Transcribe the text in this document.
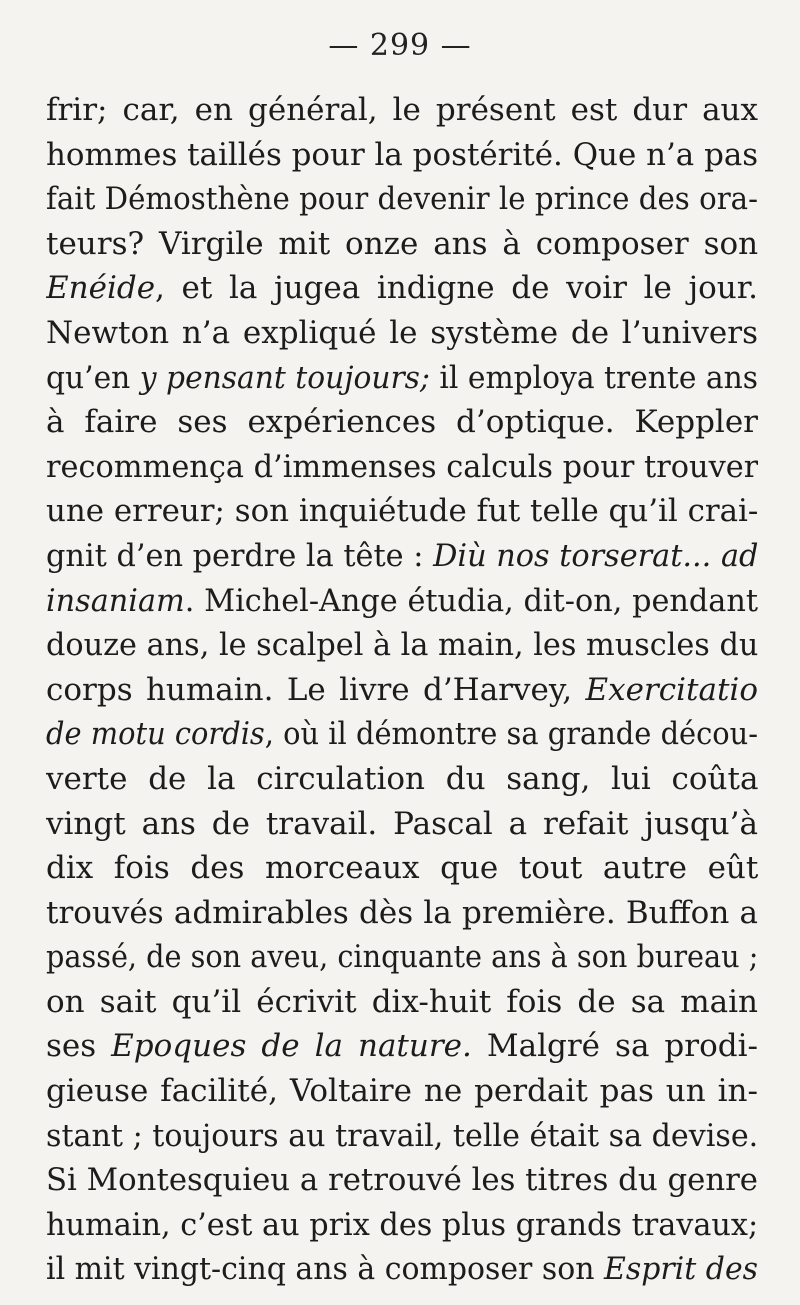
— 299 —
frir; car, en général, le présent est dur aux
hommes taillés pour la postérité. Que n’a pas
fait Démosthène pour devenir le prince des ora-
teurs? Virgile mit onze ans à composer son
Enéide, et la jugea indigne de voir le jour.
Newton n’a expliqué le système de l’univers
qu’en y pensant toujours; il employa trente ans
à faire ses expériences d’optique. Keppler
recommença d’immenses calculs pour trouver
une erreur; son inquiétude fut telle qu’il crai-
gnit d’en perdre la tête : Diù nos torserat... ad
insaniam. Michel-Ange étudia, dit-on, pendant
douze ans, le scalpel à la main, les muscles du
corps humain. Le livre d’Harvey, Exercitatio
de motu cordis, où il démontre sa grande décou-
verte de la circulation du sang, lui coûta
vingt ans de travail. Pascal a refait jusqu’à
dix fois des morceaux que tout autre eût
trouvés admirables dès la première. Buffon a
passé, de son aveu, cinquante ans à son bureau ;
on sait qu’il écrivit dix-huit fois de sa main
ses Epoques de la nature. Malgré sa prodi-
gieuse facilité, Voltaire ne perdait pas un in-
stant ; toujours au travail, telle était sa devise.
Si Montesquieu a retrouvé les titres du genre
humain, c’est au prix des plus grands travaux;
il mit vingt-cinq ans à composer son Esprit des
